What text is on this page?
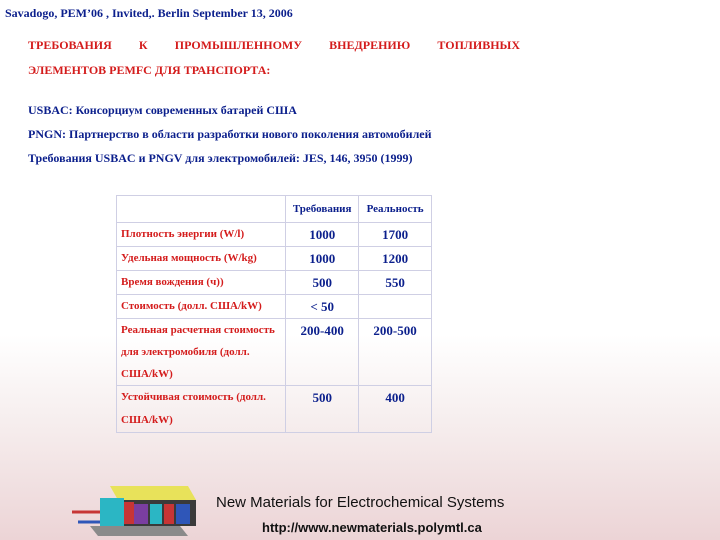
Savadogo, PEM’06 , Invited,. Berlin September 13, 2006
ТРЕБОВАНИЯ К ПРОМЫШЛЕННОМУ ВНЕДРЕНИЮ ТОПЛИВНЫХ
ЭЛЕМЕНТОВ РЕМFC ДЛЯ ТРАНСПОРТА:
USBAC: Консорциум современных батарей США
PNGN: Партнерство в области разработки нового поколения автомобилей
Требования USBAC и PNGV для электромобилей: JES, 146, 3950 (1999)
	Требования	Реальность
Плотность энергии (W/l)	1000	1700
Удельная мощность (W/kg)	1000	1200
Время вождения (ч))	500	550
Стоимость (долл. США/kW)	< 50	
Реальная расчетная стоимость для электромобиля (долл. США/kW)	200-400	200-500
Устойчивая стоимость (долл. США/kW)	500	400
New Materials for Electrochemical Systems
http://www.newmaterials.polymtl.ca
